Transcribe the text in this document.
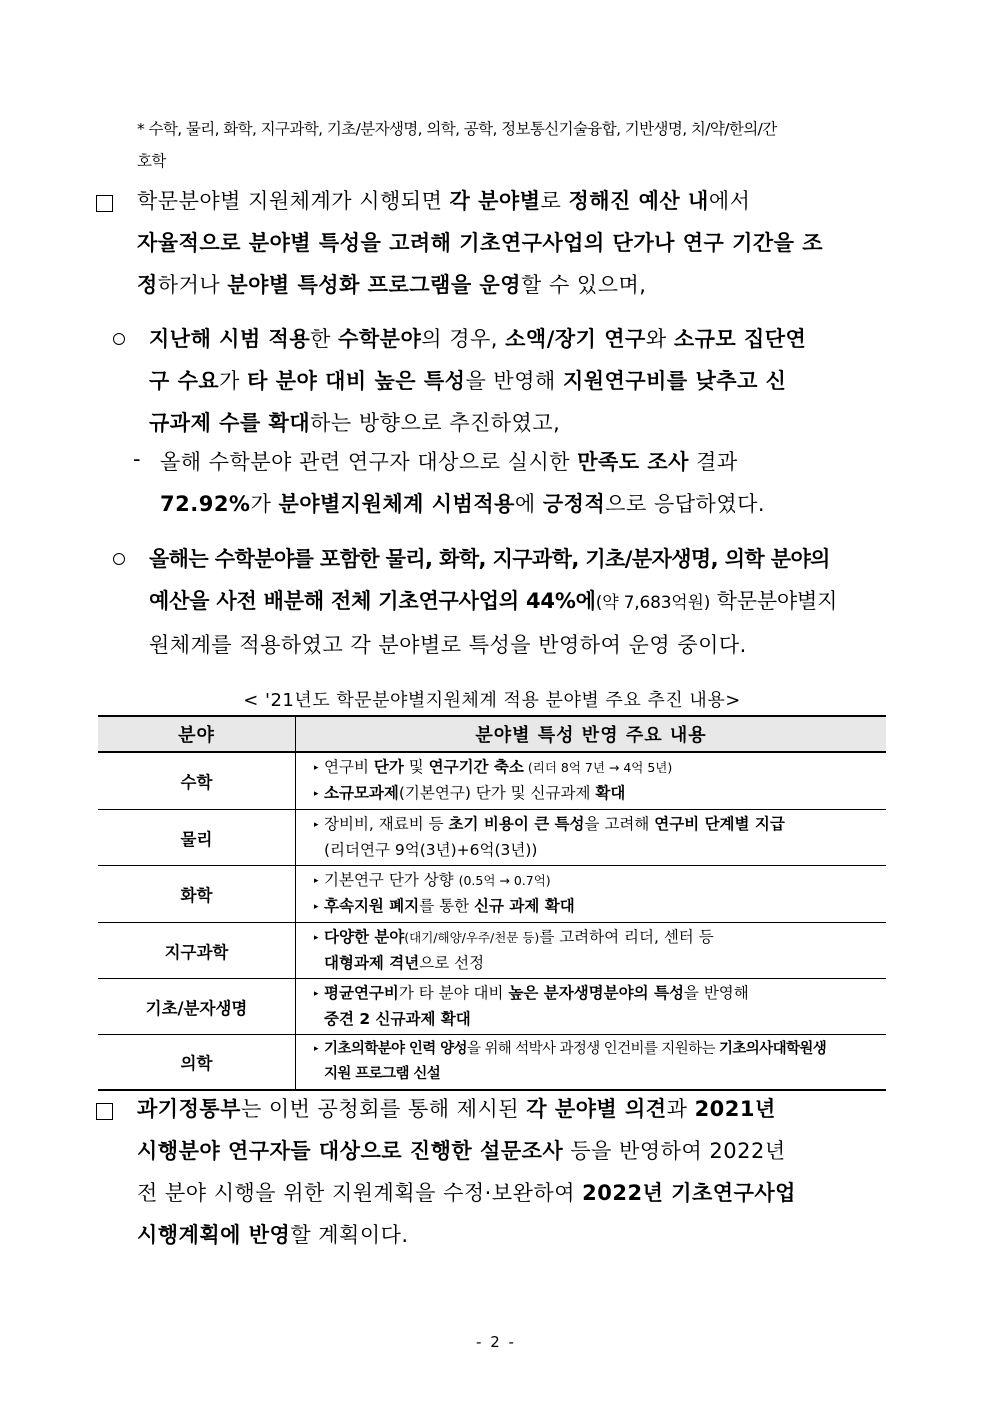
* 수학, 물리, 화학, 지구과학, 기초/분자생명, 의학, 공학, 정보통신기술융합, 기반생명, 치/약/한의/간
호학
학문분야별 지원체계가 시행되면 각 분야별로 정해진 예산 내에서
자율적으로 분야별 특성을 고려해 기초연구사업의 단가나 연구 기간을 조
정하거나 분야별 특성화 프로그램을 운영할 수 있으며,
지난해 시범 적용한 수학분야의 경우, 소액/장기 연구와 소규모 집단연
구 수요가 타 분야 대비 높은 특성을 반영해 지원연구비를 낮추고 신
규과제 수를 확대하는 방향으로 추진하였고,
- 올해 수학분야 관련 연구자 대상으로 실시한 만족도 조사 결과
72.92%가 분야별지원체계 시범적용에 긍정적으로 응답하였다.
올해는 수학분야를 포함한 물리, 화학, 지구과학, 기초/분자생명, 의학 분야의
예산을 사전 배분해 전체 기초연구사업의 44%에(약 7,683억원) 학문분야별지
원체계를 적용하였고 각 분야별로 특성을 반영하여 운영 중이다.
< '21년도 학문분야별지원체계 적용 분야별 주요 추진 내용>
분야	분야별 특성 반영 주요 내용
수학	▸ 연구비 단가 및 연구기간 축소 (리더 8억 7년 → 4억 5년)
▸ 소규모과제(기본연구) 단가 및 신규과제 확대

물리	▸ 장비비, 재료비 등 초기 비용이 큰 특성을 고려해 연구비 단계별 지급
(리더연구 9억(3년)+6억(3년))

화학	▸ 기본연구 단가 상향 (0.5억 → 0.7억)
▸ 후속지원 폐지를 통한 신규 과제 확대

지구과학	▸ 다양한 분야(대기/해양/우주/천문 등)를 고려하여 리더, 센터 등
대형과제 격년으로 선정

기초/분자생명	▸ 평균연구비가 타 분야 대비 높은 분자생명분야의 특성을 반영해
중견 2 신규과제 확대

의학	▸ 기초의학분야 인력 양성을 위해 석박사 과정생 인건비를 지원하는 기초의사대학원생
지원 프로그램 신설
과기정통부는 이번 공청회를 통해 제시된 각 분야별 의견과 2021년
시행분야 연구자들 대상으로 진행한 설문조사 등을 반영하여 2022년
전 분야 시행을 위한 지원계획을 수정·보완하여 2022년 기초연구사업
시행계획에 반영할 계획이다.
- 2 -
